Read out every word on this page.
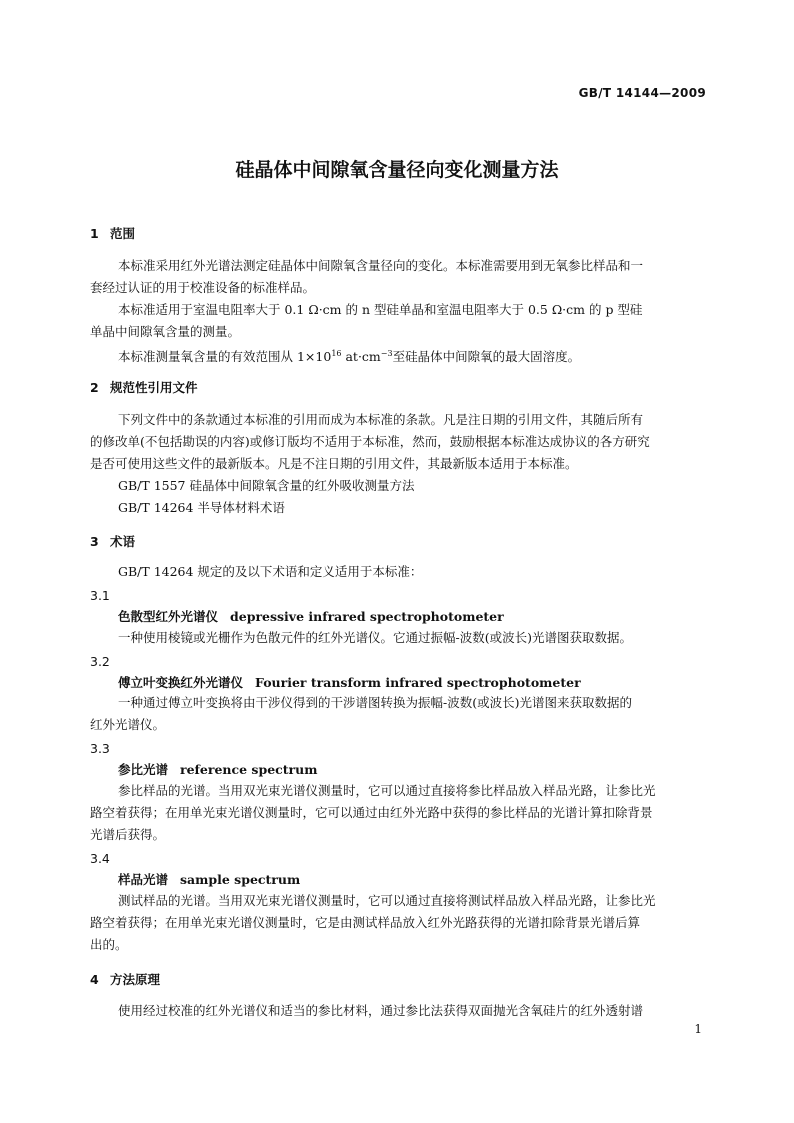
GB/T 14144—2009
硅晶体中间隙氧含量径向变化测量方法
1 范围
本标准采用红外光谱法测定硅晶体中间隙氧含量径向的变化。本标准需要用到无氧参比样品和一
套经过认证的用于校准设备的标准样品。
本标准适用于室温电阻率大于 0.1 Ω·cm 的 n 型硅单晶和室温电阻率大于 0.5 Ω·cm 的 p 型硅
单晶中间隙氧含量的测量。
本标准测量氧含量的有效范围从 $1\times 10^{16}$ $at\cdot cm^{-3}$至硅晶体中间隙氧的最大固溶度。
2 规范性引用文件
下列文件中的条款通过本标准的引用而成为本标准的条款。凡是注日期的引用文件，其随后所有
的修改单(不包括勘误的内容)或修订版均不适用于本标准，然而，鼓励根据本标准达成协议的各方研究
是否可使用这些文件的最新版本。凡是不注日期的引用文件，其最新版本适用于本标准。
GB/T 1557 硅晶体中间隙氧含量的红外吸收测量方法
GB/T 14264 半导体材料术语
3 术语
GB/T 14264 规定的及以下术语和定义适用于本标准：
3.1
色散型红外光谱仪 depressive infrared spectrophotometer
一种使用棱镜或光栅作为色散元件的红外光谱仪。它通过振幅-波数(或波长)光谱图获取数据。
3.2
傅立叶变换红外光谱仪 Fourier transform infrared spectrophotometer
一种通过傅立叶变换将由干涉仪得到的干涉谱图转换为振幅-波数(或波长)光谱图来获取数据的
红外光谱仪。
3.3
参比光谱 reference spectrum
参比样品的光谱。当用双光束光谱仪测量时，它可以通过直接将参比样品放入样品光路，让参比光
路空着获得；在用单光束光谱仪测量时，它可以通过由红外光路中获得的参比样品的光谱计算扣除背景
光谱后获得。
3.4
样品光谱 sample spectrum
测试样品的光谱。当用双光束光谱仪测量时，它可以通过直接将测试样品放入样品光路，让参比光
路空着获得；在用单光束光谱仪测量时，它是由测试样品放入红外光路获得的光谱扣除背景光谱后算
出的。
4 方法原理
使用经过校准的红外光谱仪和适当的参比材料，通过参比法获得双面抛光含氧硅片的红外透射谱
1
